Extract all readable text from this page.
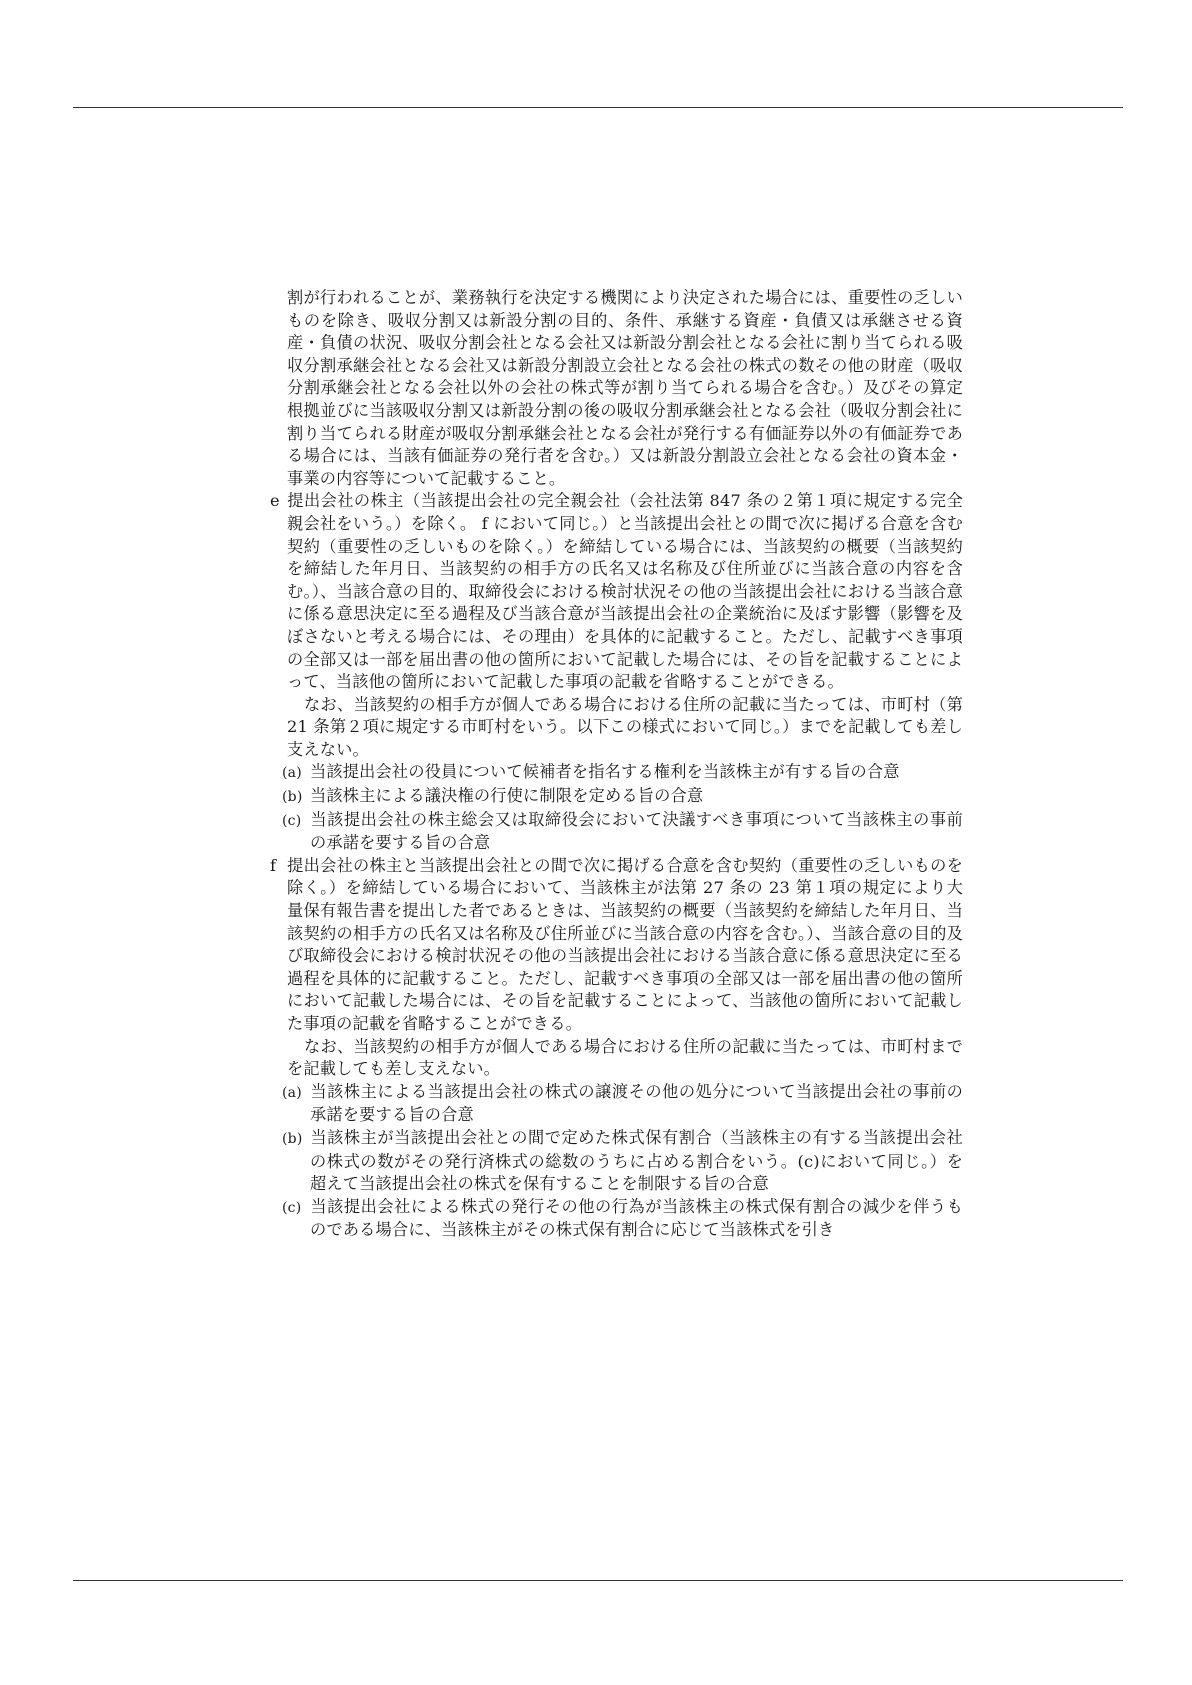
割が行われることが、業務執行を決定する機関により決定された場合には、重要性の乏しいものを除き、吸収分割又は新設分割の目的、条件、承継する資産・負債又は承継させる資産・負債の状況、吸収分割会社となる会社又は新設分割会社となる会社に割り当てられる吸収分割承継会社となる会社又は新設分割設立会社となる会社の株式の数その他の財産（吸収分割承継会社となる会社以外の会社の株式等が割り当てられる場合を含む。）及びその算定根拠並びに当該吸収分割又は新設分割の後の吸収分割承継会社となる会社（吸収分割会社に割り当てられる財産が吸収分割承継会社となる会社が発行する有価証券以外の有価証券である場合には、当該有価証券の発行者を含む。）又は新設分割設立会社となる会社の資本金・事業の内容等について記載すること。

e 提出会社の株主（当該提出会社の完全親会社（会社法第 847 条の２第１項に規定する完全親会社をいう。）を除く。 f において同じ。）と当該提出会社との間で次に掲げる合意を含む契約（重要性の乏しいものを除く。）を締結している場合には、当該契約の概要（当該契約を締結した年月日、当該契約の相手方の氏名又は名称及び住所並びに当該合意の内容を含む。）、当該合意の目的、取締役会における検討状況その他の当該提出会社における当該合意に係る意思決定に至る過程及び当該合意が当該提出会社の企業統治に及ぼす影響（影響を及ぼさないと考える場合には、その理由）を具体的に記載すること。ただし、記載すべき事項の全部又は一部を届出書の他の箇所において記載した場合には、その旨を記載することによって、当該他の箇所において記載した事項の記載を省略することができる。

なお、当該契約の相手方が個人である場合における住所の記載に当たっては、市町村（第 21 条第２項に規定する市町村をいう。以下この様式において同じ。）までを記載しても差し支えない。

(a) 当該提出会社の役員について候補者を指名する権利を当該株主が有する旨の合意

(b) 当該株主による議決権の行使に制限を定める旨の合意

(c) 当該提出会社の株主総会又は取締役会において決議すべき事項について当該株主の事前の承諾を要する旨の合意

f 提出会社の株主と当該提出会社との間で次に掲げる合意を含む契約（重要性の乏しいものを除く。）を締結している場合において、当該株主が法第 27 条の 23 第１項の規定により大量保有報告書を提出した者であるときは、当該契約の概要（当該契約を締結した年月日、当該契約の相手方の氏名又は名称及び住所並びに当該合意の内容を含む。）、当該合意の目的及び取締役会における検討状況その他の当該提出会社における当該合意に係る意思決定に至る過程を具体的に記載すること。ただし、記載すべき事項の全部又は一部を届出書の他の箇所において記載した場合には、その旨を記載することによって、当該他の箇所において記載した事項の記載を省略することができる。

なお、当該契約の相手方が個人である場合における住所の記載に当たっては、市町村までを記載しても差し支えない。

(a) 当該株主による当該提出会社の株式の譲渡その他の処分について当該提出会社の事前の承諾を要する旨の合意

(b) 当該株主が当該提出会社との間で定めた株式保有割合（当該株主の有する当該提出会社の株式の数がその発行済株式の総数のうちに占める割合をいう。(c)において同じ。）を超えて当該提出会社の株式を保有することを制限する旨の合意

(c) 当該提出会社による株式の発行その他の行為が当該株主の株式保有割合の減少を伴うものである場合に、当該株主がその株式保有割合に応じて当該株式を引き
